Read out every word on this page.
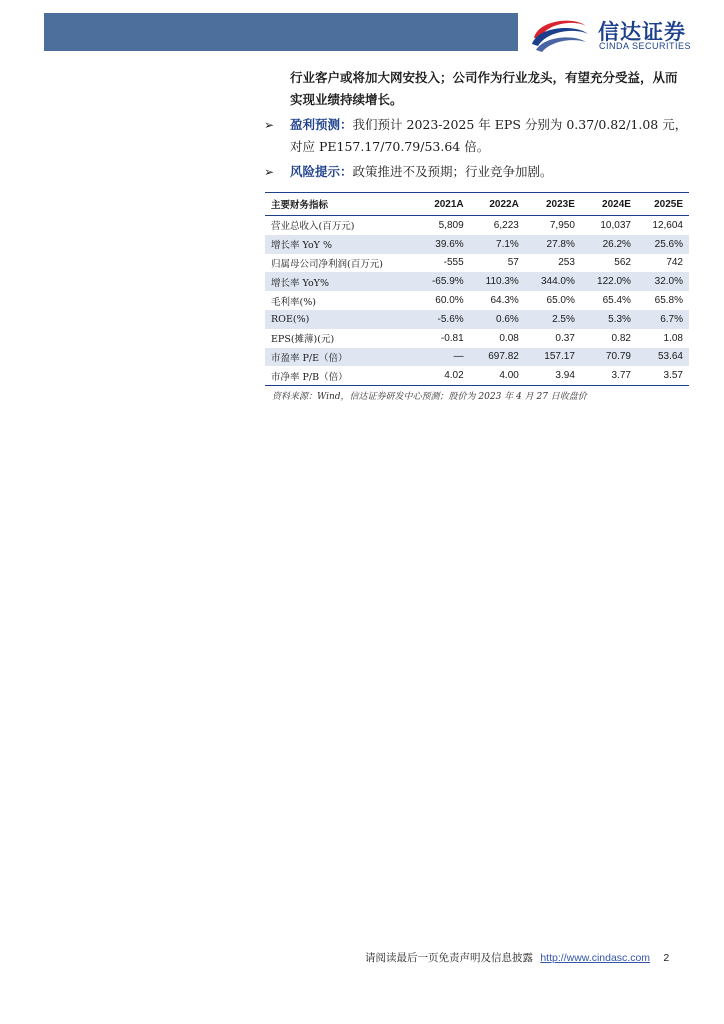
信达证券
CINDA SECURITIES
行业客户或将加大网安投入；公司作为行业龙头，有望充分受益，从而
实现业绩持续增长。
➢ 盈利预测：我们预计 2023-2025 年 EPS 分别为 0.37/0.82/1.08 元，对应 PE157.17/70.79/53.64 倍。
➢ 风险提示：政策推进不及预期；行业竞争加剧。
主要财务指标	2021A	2022A	2023E	2024E	2025E
营业总收入(百万元)	5,809	6,223	7,950	10,037	12,604
增长率 YoY %	39.6%	7.1%	27.8%	26.2%	25.6%
归属母公司净利润(百万元)	-555	57	253	562	742
增长率 YoY%	-65.9%	110.3%	344.0%	122.0%	32.0%
毛利率(%)	60.0%	64.3%	65.0%	65.4%	65.8%
ROE(%)	-5.6%	0.6%	2.5%	5.3%	6.7%
EPS(摊薄)(元)	-0.81	0.08	0.37	0.82	1.08
市盈率 P/E（倍）	—	697.82	157.17	70.79	53.64
市净率 P/B（倍）	4.02	4.00	3.94	3.77	3.57
资料来源：Wind，信达证券研发中心预测；股价为 2023 年 4 月 27 日收盘价
请阅读最后一页免责声明及信息披露 http://www.cindasc.com 2
